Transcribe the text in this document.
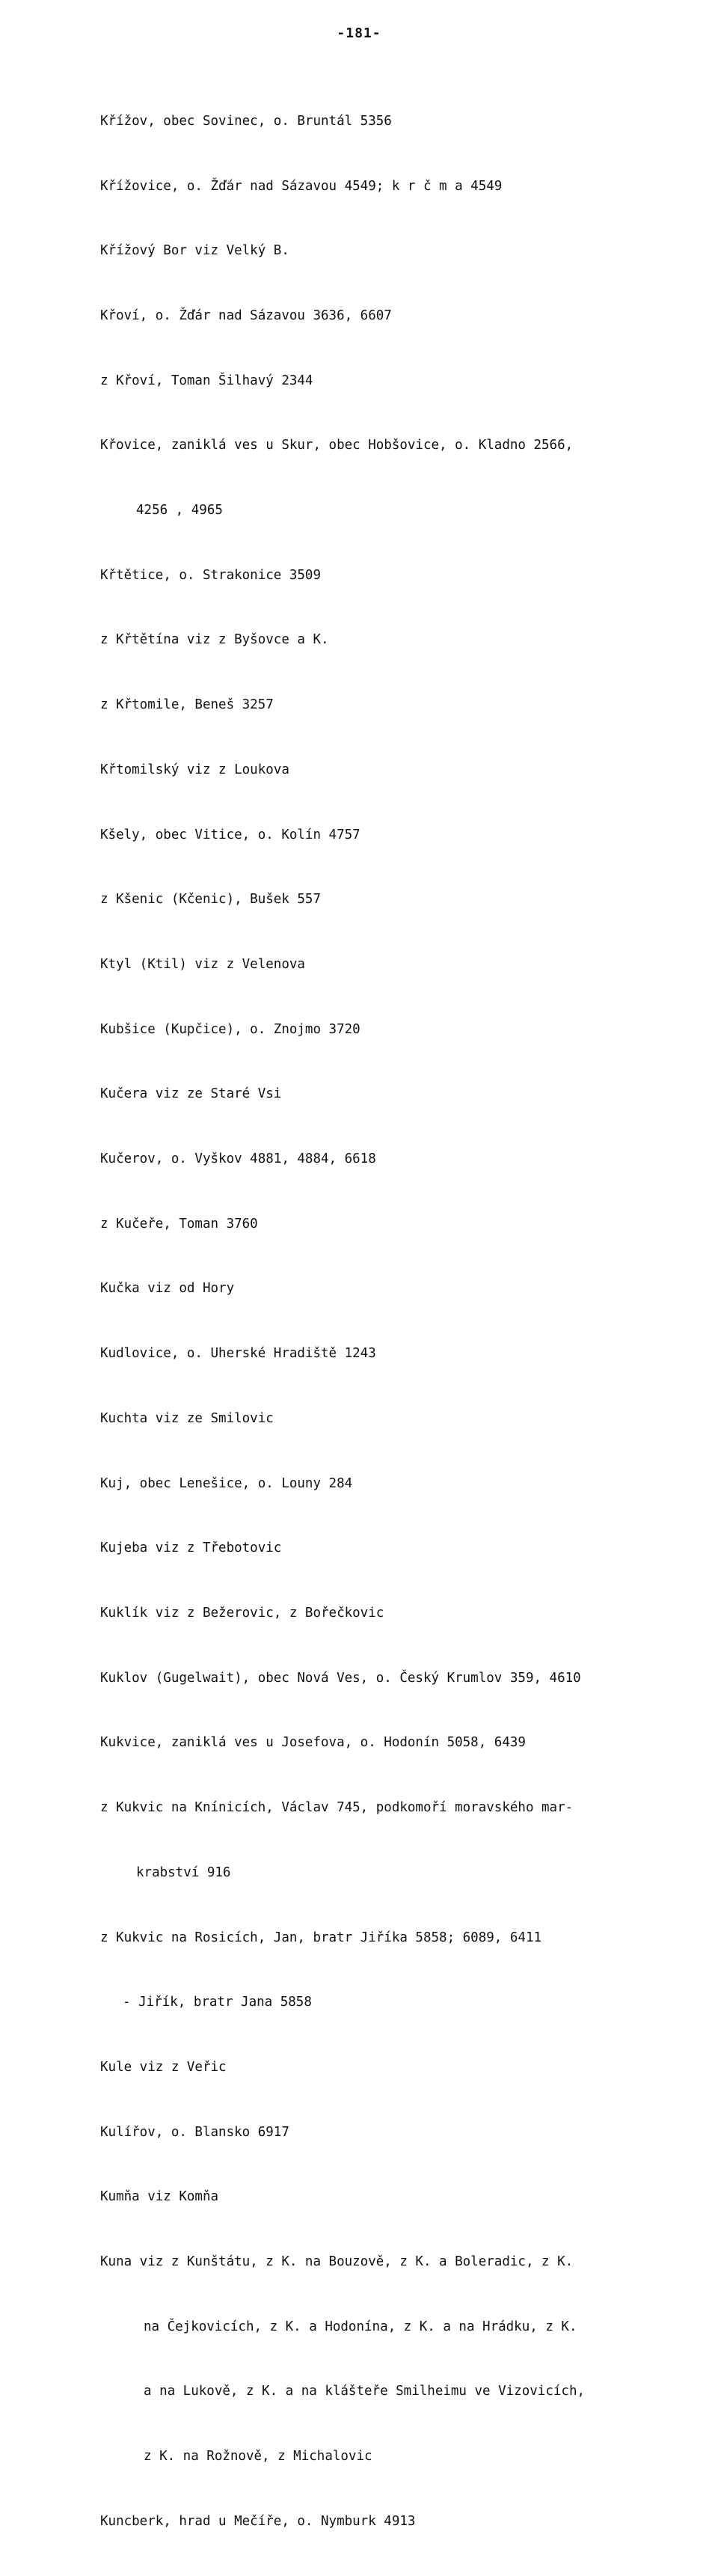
-181-

Křížov, obec Sovinec, o. Bruntál 5356

Křížovice, o. Žďár nad Sázavou 4549; k r č m a 4549

Křížový Bor viz Velký B.

Křoví, o. Žďár nad Sázavou 3636, 6607

z Křoví, Toman Šilhavý 2344

Křovice, zaniklá ves u Skur, obec Hobšovice, o. Kladno 2566,

4256 , 4965

Křtětice, o. Strakonice 3509

z Křtětína viz z Byšovce a K.

z Křtomile, Beneš 3257

Křtomilský viz z Loukova

Kšely, obec Vitice, o. Kolín 4757

z Kšenic (Kčenic), Bušek 557

Ktyl (Ktil) viz z Velenova

Kubšice (Kupčice), o. Znojmo 3720

Kučera viz ze Staré Vsi

Kučerov, o. Vyškov 4881, 4884, 6618

z Kučeře, Toman 3760

Kučka viz od Hory

Kudlovice, o. Uherské Hradiště 1243

Kuchta viz ze Smilovic

Kuj, obec Lenešice, o. Louny 284

Kujeba viz z Třebotovic

Kuklík viz z Bežerovic, z Bořečkovic

Kuklov (Gugelwait), obec Nová Ves, o. Český Krumlov 359, 4610

Kukvice, zaniklá ves u Josefova, o. Hodonín 5058, 6439

z Kukvic na Knínicích, Václav 745, podkomoří moravského mar-

krabství 916

z Kukvic na Rosicích, Jan, bratr Jiříka 5858; 6089, 6411

- Jiřík, bratr Jana 5858

Kule viz z Veřic

Kulířov, o. Blansko 6917

Kumňa viz Komňa

Kuna viz z Kunštátu, z K. na Bouzově, z K. a Boleradic, z K.

na Čejkovicích, z K. a Hodonína, z K. a na Hrádku, z K.

a na Lukově, z K. a na klášteře Smilheimu ve Vizovicích,

z K. na Rožnově, z Michalovic

Kuncberk, hrad u Mečíře, o. Nymburk 4913
